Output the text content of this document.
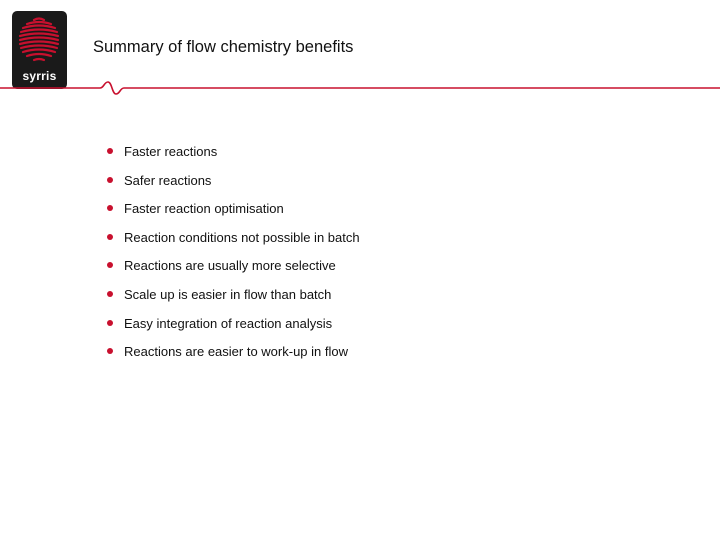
syrris
Summary of flow chemistry benefits
Faster reactions
Safer reactions
Faster reaction optimisation
Reaction conditions not possible in batch
Reactions are usually more selective
Scale up is easier in flow than batch
Easy integration of reaction analysis
Reactions are easier to work-up in flow
